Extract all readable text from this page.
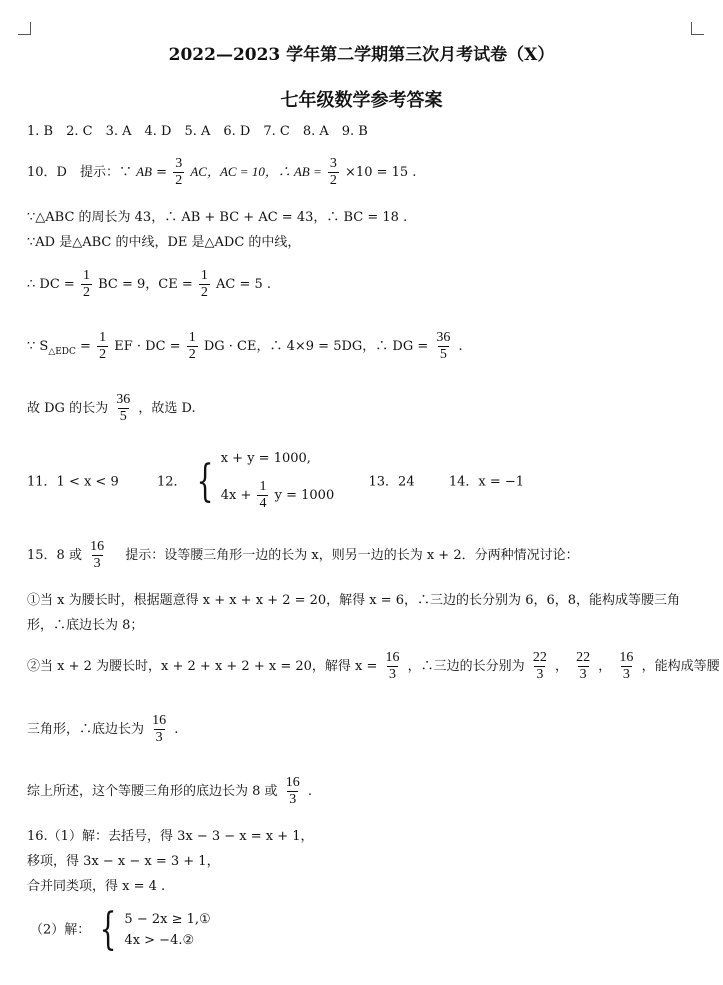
2022—2023 学年第二学期第三次月考试卷（X）
七年级数学参考答案
1. B　2. C　3. A　4. D　5. A　6. D　7. C　8. A　9. B
10．D　提示：∵ AB = $\frac{3}{2}$ AC，AC = 10，∴ AB = $\frac{3}{2} \times 10 = 15$ .
∵△ABC 的周长为 43，∴ AB + BC + AC = 43，∴ BC = 18 .
∵AD 是△ABC 的中线，DE 是△ADC 的中线，
∴ DC = $\frac{1}{2}$ BC = 9，CE = $\frac{1}{2}$ AC = 5 .
∵ $S_{\triangle EDC} = \frac{1}{2}$ EF · DC = $\frac{1}{2}$ DG · CE，∴ 4×9 = 5DG，∴ DG = $\frac{36}{5}$ .
故 DG 的长为 $\frac{36}{5}$ ，故选 D.
11．1 < x < 9	12． { x + y = 1000,
$4x + \frac{1}{4}$ y = 1000
13．24	14．x = −1
15．8 或 $\frac{16}{3}$ 　提示：设等腰三角形一边的长为 x，则另一边的长为 x + 2．分两种情况讨论：
①当 x 为腰长时，根据题意得 x + x + x + 2 = 20，解得 x = 6，∴三边的长分别为 6，6，8，能构成等腰三角
形，∴底边长为 8；
②当 x + 2 为腰长时，x + 2 + x + 2 + x = 20，解得 $x = \frac{16}{3}$ ，∴三边的长分别为 $\frac{22}{3}$ ， $\frac{22}{3}$ ， $\frac{16}{3}$ ，能构成等腰
三角形，∴底边长为 $\frac{16}{3}$ .
综上所述，这个等腰三角形的底边长为 8 或 $\frac{16}{3}$ .
16.（1）解：去括号，得 3x − 3 − x = x + 1，
移项，得 3x − x − x = 3 + 1，
合并同类项，得 x = 4 .
（2）解： { 5 − 2x ≥ 1,①
4x > −4.②
